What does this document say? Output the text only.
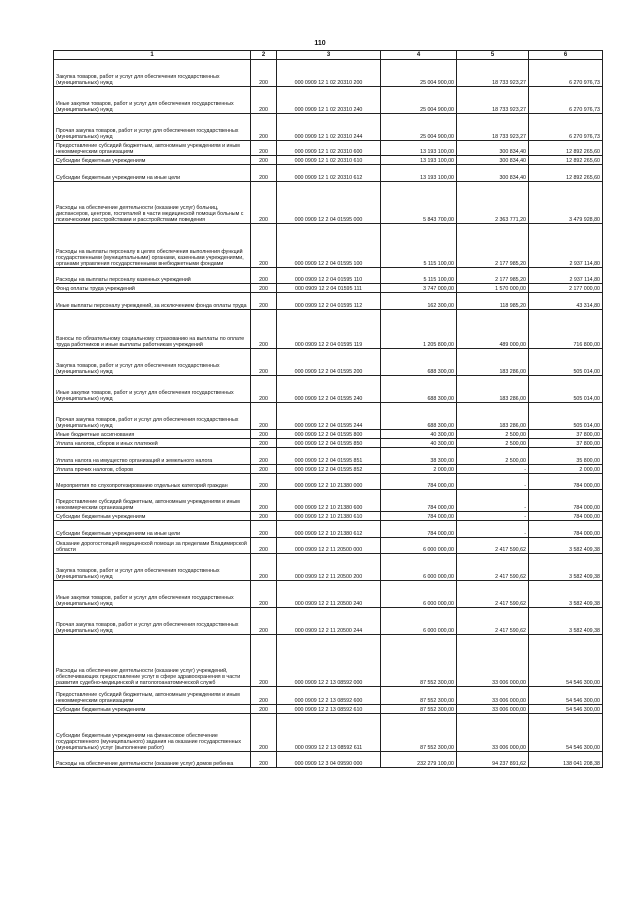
110
1	2	3	4	5	6
Закупка товаров, работ и услуг для обеспечения государственных (муниципальных) нужд	200	000 0909 12 1 02 20310 200	25 004 900,00	18 733 923,27	6 270 976,73
Иные закупки товаров, работ и услуг для обеспечения государственных (муниципальных) нужд	200	000 0909 12 1 02 20310 240	25 004 900,00	18 733 923,27	6 270 976,73
Прочая закупка товаров, работ и услуг для обеспечения государственных (муниципальных) нужд	200	000 0909 12 1 02 20310 244	25 004 900,00	18 733 923,27	6 270 976,73
Предоставление субсидий бюджетным, автономным учреждениям и иным некоммерческим организациям	200	000 0909 12 1 02 20310 600	13 193 100,00	300 834,40	12 892 265,60
Субсидии бюджетным учреждениям	200	000 0909 12 1 02 20310 610	13 193 100,00	300 834,40	12 892 265,60
Субсидии бюджетным учреждениям на иные цели	200	000 0909 12 1 02 20310 612	13 193 100,00	300 834,40	12 892 265,60
Расходы на обеспечение деятельности (оказание услуг) больниц, диспансеров, центров, госпиталей в части медицинской помощи больным с психическими расстройствами и расстройствами поведения	200	000 0909 12 2 04 01595 000	5 843 700,00	2 363 771,20	3 479 928,80
Расходы на выплаты персоналу в целях обеспечения выполнения функций государственными (муниципальными) органами, казенными учреждениями, органами управления государственными внебюджетными фондами	200	000 0909 12 2 04 01595 100	5 115 100,00	2 177 985,20	2 937 114,80
Расходы на выплаты персоналу казенных учреждений	200	000 0909 12 2 04 01595 110	5 115 100,00	2 177 985,20	2 937 114,80
Фонд оплаты труда учреждений	200	000 0909 12 2 04 01595 111	3 747 000,00	1 570 000,00	2 177 000,00
Иные выплаты персоналу учреждений, за исключением фонда оплаты труда	200	000 0909 12 2 04 01595 112	162 300,00	118 985,20	43 314,80
Взносы по обязательному социальному страхованию на выплаты по оплате труда работников и иные выплаты работникам учреждений	200	000 0909 12 2 04 01595 119	1 205 800,00	489 000,00	716 800,00
Закупка товаров, работ и услуг для обеспечения государственных (муниципальных) нужд	200	000 0909 12 2 04 01595 200	688 300,00	183 286,00	505 014,00
Иные закупки товаров, работ и услуг для обеспечения государственных (муниципальных) нужд	200	000 0909 12 2 04 01595 240	688 300,00	183 286,00	505 014,00
Прочая закупка товаров, работ и услуг для обеспечения государственных (муниципальных) нужд	200	000 0909 12 2 04 01595 244	688 300,00	183 286,00	505 014,00
Иные бюджетные ассигнования	200	000 0909 12 2 04 01595 800	40 300,00	2 500,00	37 800,00
Уплата налогов, сборов и иных платежей	200	000 0909 12 2 04 01595 850	40 300,00	2 500,00	37 800,00
Уплата налога на имущество организаций и земельного налога	200	000 0909 12 2 04 01595 851	38 300,00	2 500,00	35 800,00
Уплата прочих налогов, сборов	200	000 0909 12 2 04 01595 852	2 000,00	-	2 000,00
Мероприятия по слухопротезированию отдельных категорий граждан	200	000 0909 12 2 10 21380 000	784 000,00	-	784 000,00
Предоставление субсидий бюджетным, автономным учреждениям и иным некоммерческим организациям	200	000 0909 12 2 10 21380 600	784 000,00	-	784 000,00
Субсидии бюджетным учреждениям	200	000 0909 12 2 10 21380 610	784 000,00	-	784 000,00
Субсидии бюджетным учреждениям на иные цели	200	000 0909 12 2 10 21380 612	784 000,00	-	784 000,00
Оказание дорогостоящей медицинской помощи за пределами Владимирской области	200	000 0909 12 2 11 20500 000	6 000 000,00	2 417 590,62	3 582 409,38
Закупка товаров, работ и услуг для обеспечения государственных (муниципальных) нужд	200	000 0909 12 2 11 20500 200	6 000 000,00	2 417 590,62	3 582 409,38
Иные закупки товаров, работ и услуг для обеспечения государственных (муниципальных) нужд	200	000 0909 12 2 11 20500 240	6 000 000,00	2 417 590,62	3 582 409,38
Прочая закупка товаров, работ и услуг для обеспечения государственных (муниципальных) нужд	200	000 0909 12 2 11 20500 244	6 000 000,00	2 417 590,62	3 582 409,38
Расходы на обеспечение деятельности (оказание услуг) учреждений, обеспечивающих предоставление услуг в сфере здравоохранения в части развития судебно-медицинской и патологоанатомической служб	200	000 0909 12 2 13 08592 000	87 552 300,00	33 006 000,00	54 546 300,00
Предоставление субсидий бюджетным, автономным учреждениям и иным некоммерческим организациям	200	000 0909 12 2 13 08592 600	87 552 300,00	33 006 000,00	54 546 300,00
Субсидии бюджетным учреждениям	200	000 0909 12 2 13 08592 610	87 552 300,00	33 006 000,00	54 546 300,00
Субсидии бюджетным учреждениям на финансовое обеспечение государственного (муниципального) задания на оказание государственных (муниципальных) услуг (выполнение работ)	200	000 0909 12 2 13 08592 611	87 552 300,00	33 006 000,00	54 546 300,00
Расходы на обеспечение деятельности (оказание услуг) домов ребенка	200	000 0909 12 3 04 09590 000	232 279 100,00	94 237 891,62	138 041 208,38
